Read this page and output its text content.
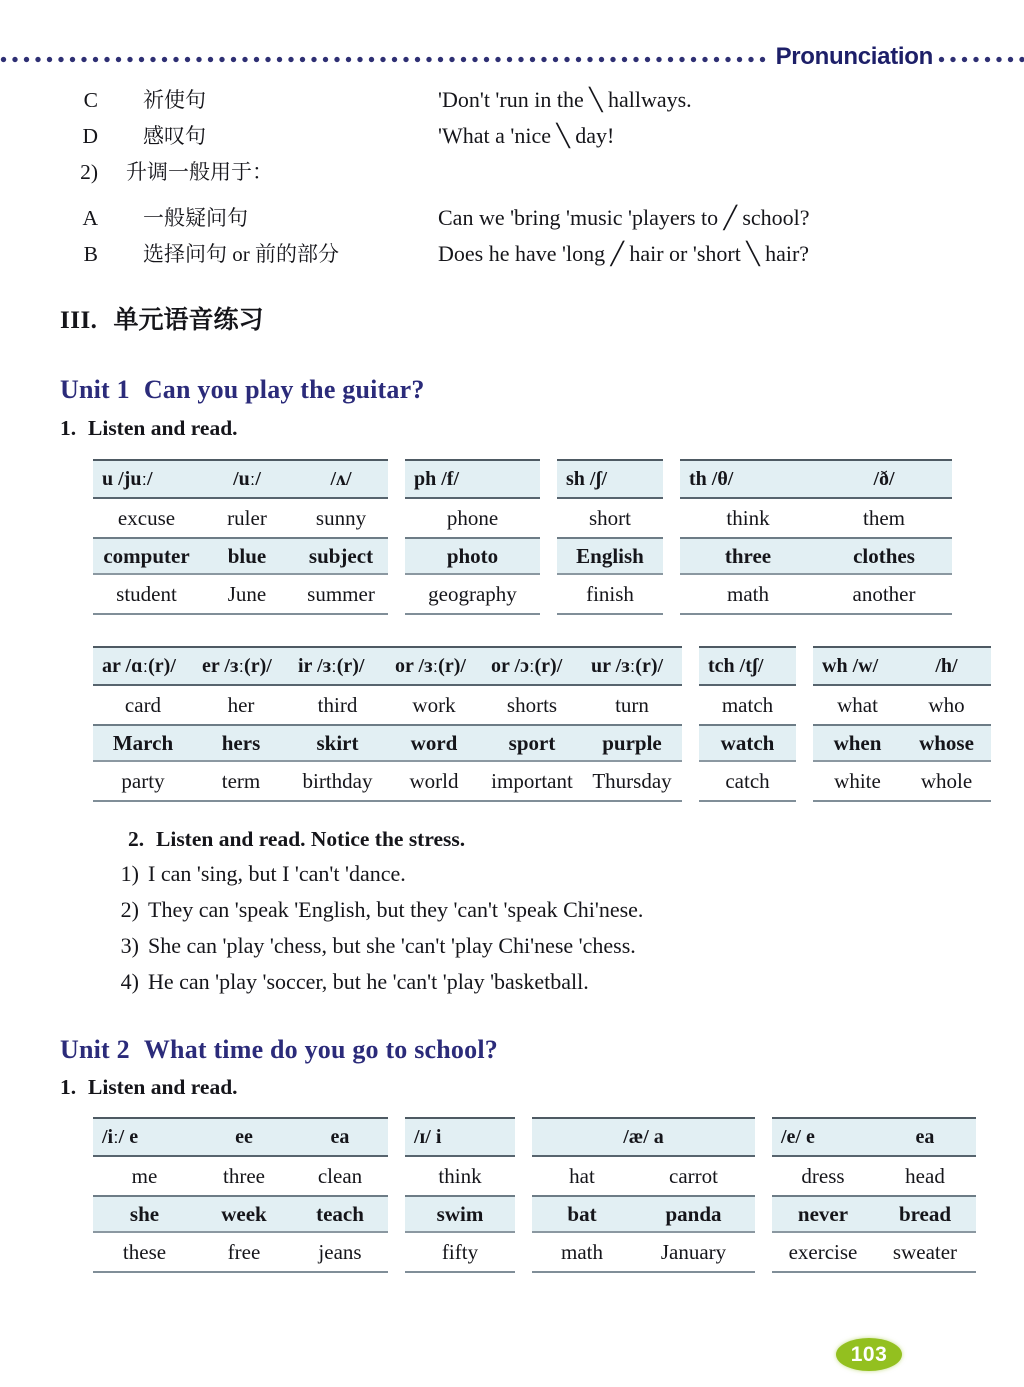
Pronunciation
C	祈使句	'Don't 'run in the ╲ hallways.
D	感叹句	'What a 'nice ╲ day!
2)	升调一般用于：
A	一般疑问句	Can we 'bring 'music 'players to ╱ school?
B	选择问句 or 前的部分	Does he have 'long ╱ hair or 'short ╲ hair?
III. 单元语音练习
Unit 1 Can you play the guitar?
1. Listen and read.
u /juː/	/uː/	/ʌ/
excuse	ruler	sunny
computer	blue	subject
student	June	summer
ph /f/
phone
photo
geography
sh /ʃ/
short
English
finish
th /θ/	/ð/
think	them
three	clothes
math	another
ar /ɑː(r)/	er /ɜː(r)/	ir /ɜː(r)/	or /ɜː(r)/	or /ɔː(r)/	ur /ɜː(r)/
card	her	third	work	shorts	turn
March	hers	skirt	word	sport	purple
party	term	birthday	world	important Thursday
tch /tʃ/
match
watch
catch
wh /w/	/h/
what	who
when	whose
white	whole
2. Listen and read. Notice the stress.
1) I can 'sing, but I 'can't 'dance.
2) They can 'speak 'English, but they 'can't 'speak Chi'nese.
3) She can 'play 'chess, but she 'can't 'play Chi'nese 'chess.
4) He can 'play 'soccer, but he 'can't 'play 'basketball.
Unit 2 What time do you go to school?
1. Listen and read.
/iː/ e	ee	ea
me	three	clean
she	week	teach
these	free	jeans
/ɪ/ i
think
swim
fifty
/æ/ a
hat	carrot
bat	panda
math	January
/e/ e	ea
dress	head
never	bread
exercise	sweater
103
